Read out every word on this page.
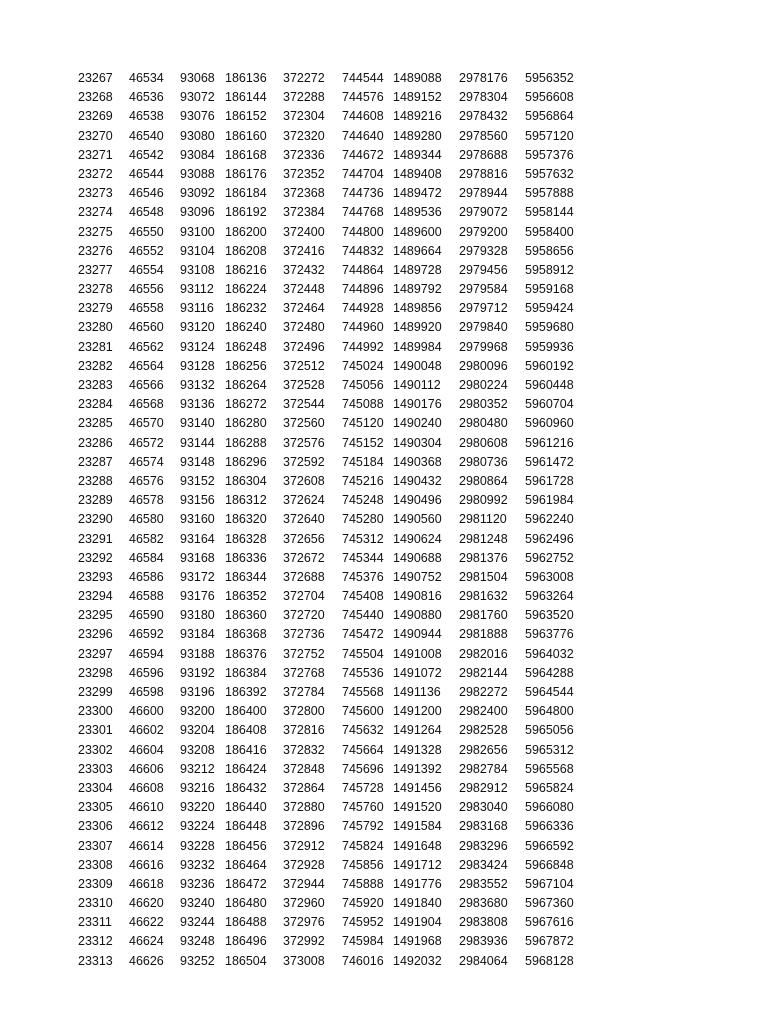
23267 46534 93068 186136 372272 744544 1489088 2978176 5956352
23268 46536 93072 186144 372288 744576 1489152 2978304 5956608
23269 46538 93076 186152 372304 744608 1489216 2978432 5956864
23270 46540 93080 186160 372320 744640 1489280 2978560 5957120
23271 46542 93084 186168 372336 744672 1489344 2978688 5957376
23272 46544 93088 186176 372352 744704 1489408 2978816 5957632
23273 46546 93092 186184 372368 744736 1489472 2978944 5957888
23274 46548 93096 186192 372384 744768 1489536 2979072 5958144
23275 46550 93100 186200 372400 744800 1489600 2979200 5958400
23276 46552 93104 186208 372416 744832 1489664 2979328 5958656
23277 46554 93108 186216 372432 744864 1489728 2979456 5958912
23278 46556 93112 186224 372448 744896 1489792 2979584 5959168
23279 46558 93116 186232 372464 744928 1489856 2979712 5959424
23280 46560 93120 186240 372480 744960 1489920 2979840 5959680
23281 46562 93124 186248 372496 744992 1489984 2979968 5959936
23282 46564 93128 186256 372512 745024 1490048 2980096 5960192
23283 46566 93132 186264 372528 745056 1490112 2980224 5960448
23284 46568 93136 186272 372544 745088 1490176 2980352 5960704
23285 46570 93140 186280 372560 745120 1490240 2980480 5960960
23286 46572 93144 186288 372576 745152 1490304 2980608 5961216
23287 46574 93148 186296 372592 745184 1490368 2980736 5961472
23288 46576 93152 186304 372608 745216 1490432 2980864 5961728
23289 46578 93156 186312 372624 745248 1490496 2980992 5961984
23290 46580 93160 186320 372640 745280 1490560 2981120 5962240
23291 46582 93164 186328 372656 745312 1490624 2981248 5962496
23292 46584 93168 186336 372672 745344 1490688 2981376 5962752
23293 46586 93172 186344 372688 745376 1490752 2981504 5963008
23294 46588 93176 186352 372704 745408 1490816 2981632 5963264
23295 46590 93180 186360 372720 745440 1490880 2981760 5963520
23296 46592 93184 186368 372736 745472 1490944 2981888 5963776
23297 46594 93188 186376 372752 745504 1491008 2982016 5964032
23298 46596 93192 186384 372768 745536 1491072 2982144 5964288
23299 46598 93196 186392 372784 745568 1491136 2982272 5964544
23300 46600 93200 186400 372800 745600 1491200 2982400 5964800
23301 46602 93204 186408 372816 745632 1491264 2982528 5965056
23302 46604 93208 186416 372832 745664 1491328 2982656 5965312
23303 46606 93212 186424 372848 745696 1491392 2982784 5965568
23304 46608 93216 186432 372864 745728 1491456 2982912 5965824
23305 46610 93220 186440 372880 745760 1491520 2983040 5966080
23306 46612 93224 186448 372896 745792 1491584 2983168 5966336
23307 46614 93228 186456 372912 745824 1491648 2983296 5966592
23308 46616 93232 186464 372928 745856 1491712 2983424 5966848
23309 46618 93236 186472 372944 745888 1491776 2983552 5967104
23310 46620 93240 186480 372960 745920 1491840 2983680 5967360
23311 46622 93244 186488 372976 745952 1491904 2983808 5967616
23312 46624 93248 186496 372992 745984 1491968 2983936 5967872
23313 46626 93252 186504 373008 746016 1492032 2984064 5968128
